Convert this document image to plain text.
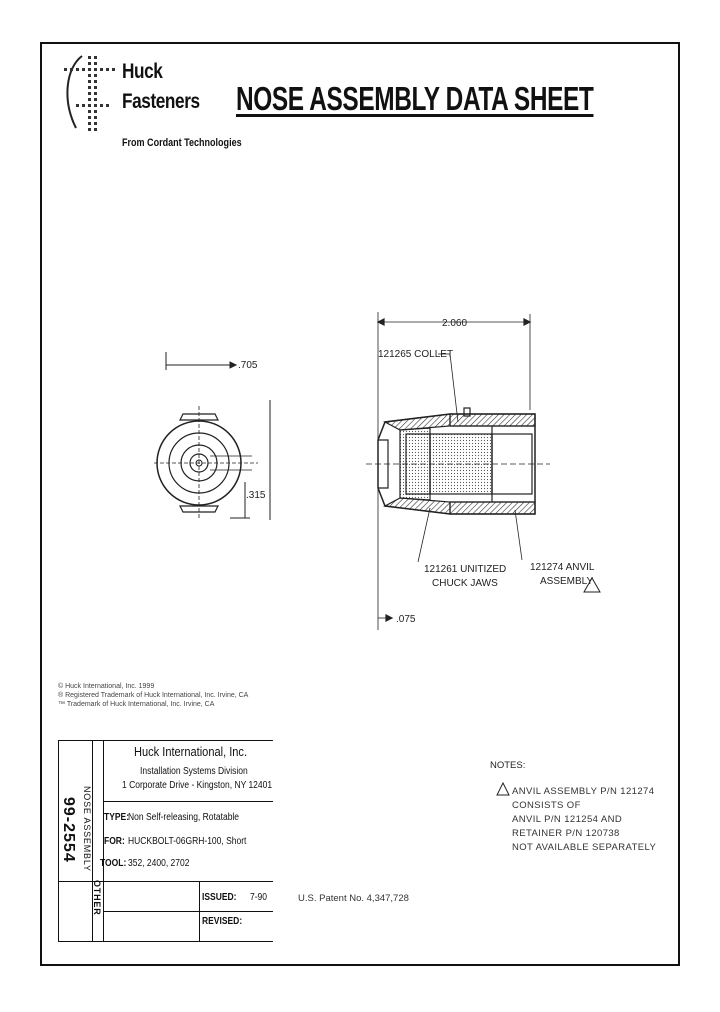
Huck
Fasteners
From Cordant Technologies
NOSE ASSEMBLY DATA SHEET
.705
.315
2.060
121265 COLLET
121261 UNITIZED
CHUCK JAWS
121274 ANVIL
ASSEMBLY
.075
© Huck International, Inc. 1999
® Registered Trademark of Huck International, Inc. Irvine, CA
™ Trademark of Huck International, Inc. Irvine, CA
99-2554 NOSE ASSEMBLY
OTHER
Huck International, Inc.
Installation Systems Division
1 Corporate Drive - Kingston, NY 12401
TYPE:
Non Self-releasing, Rotatable
FOR: HUCKBOLT-06GRH-100, Short
TOOL: 352, 2400, 2702
ISSUED: 7-90
REVISED:
NOTES:
ANVIL ASSEMBLY P/N 121274
CONSISTS OF
ANVIL P/N 121254 AND
RETAINER P/N 120738
NOT AVAILABLE SEPARATELY
U.S. Patent No. 4,347,728
